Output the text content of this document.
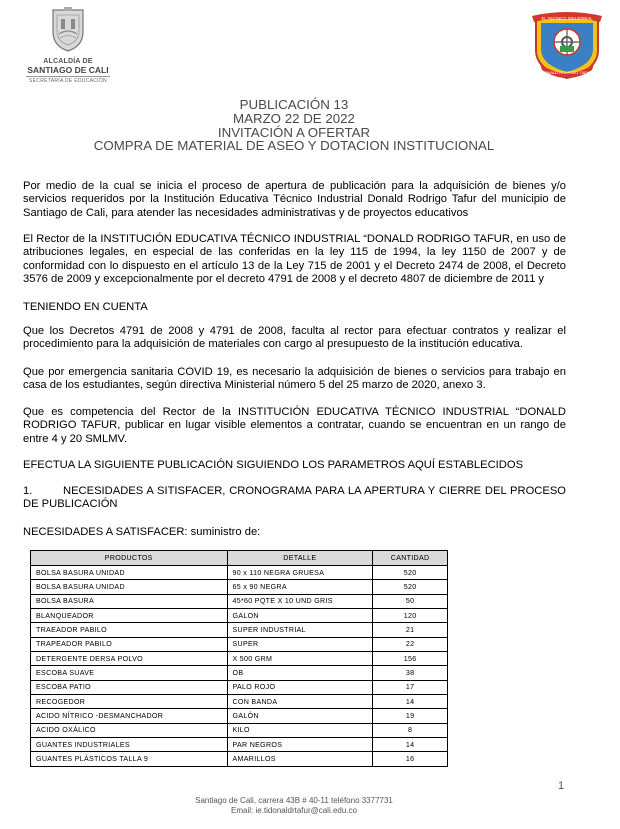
ALCALDÍA DE
SANTIAGO DE CALI
SECRETARÍA DE EDUCACIÓN
EL TECNICO INDUSTRIAL
DONALD RODRIGO TAFUR
PUBLICACIÓN 13
MARZO 22 DE 2022
INVITACIÓN A OFERTAR
COMPRA DE MATERIAL DE ASEO Y DOTACION INSTITUCIONAL
Por medio de la cual se inicia el proceso de apertura de publicación para la adquisición de bienes y/o servicios requeridos por la Institución Educativa Técnico Industrial Donald Rodrigo Tafur del municipio de Santiago de Cali, para atender las necesidades administrativas y de proyectos educativos
El Rector de la INSTITUCIÓN EDUCATIVA TÉCNICO INDUSTRIAL “DONALD RODRIGO TAFUR, en uso de atribuciones legales, en especial de las conferidas en la ley 115 de 1994, la ley 1150 de 2007 y de conformidad con lo dispuesto en el artículo 13 de la Ley 715 de 2001 y el Decreto 2474 de 2008, el Decreto 3576 de 2009 y excepcionalmente por el decreto 4791 de 2008 y el decreto 4807 de diciembre de 2011 y
TENIENDO EN CUENTA
Que los Decretos 4791 de 2008 y 4791 de 2008, faculta al rector para efectuar contratos y realizar el procedimiento para la adquisición de materiales con cargo al presupuesto de la institución educativa.
Que por emergencia sanitaria COVID 19, es necesario la adquisición de bienes o servicios para trabajo en casa de los estudiantes, según directiva Ministerial número 5 del 25 marzo de 2020, anexo 3.
Que es competencia del Rector de la INSTITUCIÓN EDUCATIVA TÉCNICO INDUSTRIAL “DONALD RODRIGO TAFUR, publicar en lugar visible elementos a contratar, cuando se encuentran en un rango de entre 4 y 20 SMLMV.
EFECTUA LA SIGUIENTE PUBLICACIÓN SIGUIENDO LOS PARAMETROS AQUÍ ESTABLECIDOS
1.	NECESIDADES A SITISFACER, CRONOGRAMA PARA LA APERTURA Y CIERRE DEL PROCESO DE PUBLICACIÓN
NECESIDADES A SATISFACER: suministro de:
PRODUCTOS	DETALLE	CANTIDAD
BOLSA BASURA UNIDAD	90 x 110 NEGRA GRUESA	520
BOLSA BASURA UNIDAD	65 x 90 NEGRA	520
BOLSA BASURA	45*60 PQTE X 10 UND GRIS	50
BLANQUEADOR	GALON	120
TRAEADOR PABILO	SUPER INDUSTRIAL	21
TRAPEADOR PABILO	SUPER	22
DETERGENTE DERSA POLVO	X 500 GRM	156
ESCOBA SUAVE	OB	38
ESCOBA PATIO	PALO ROJO	17
RECOGEDOR	CON BANDA	14
ACIDO NÍTRICO -DESMANCHADOR	GALÓN	19
ACIDO OXÁLICO	KILO	8
GUANTES INDUSTRIALES	PAR NEGROS	14
GUANTES PLÁSTICOS TALLA 9	AMARILLOS	16
1
Santiago de Cali, carrera 43B # 40-11 teléfono 3377731
Email: ie.tidonaldrtafur@cali.edu.co
